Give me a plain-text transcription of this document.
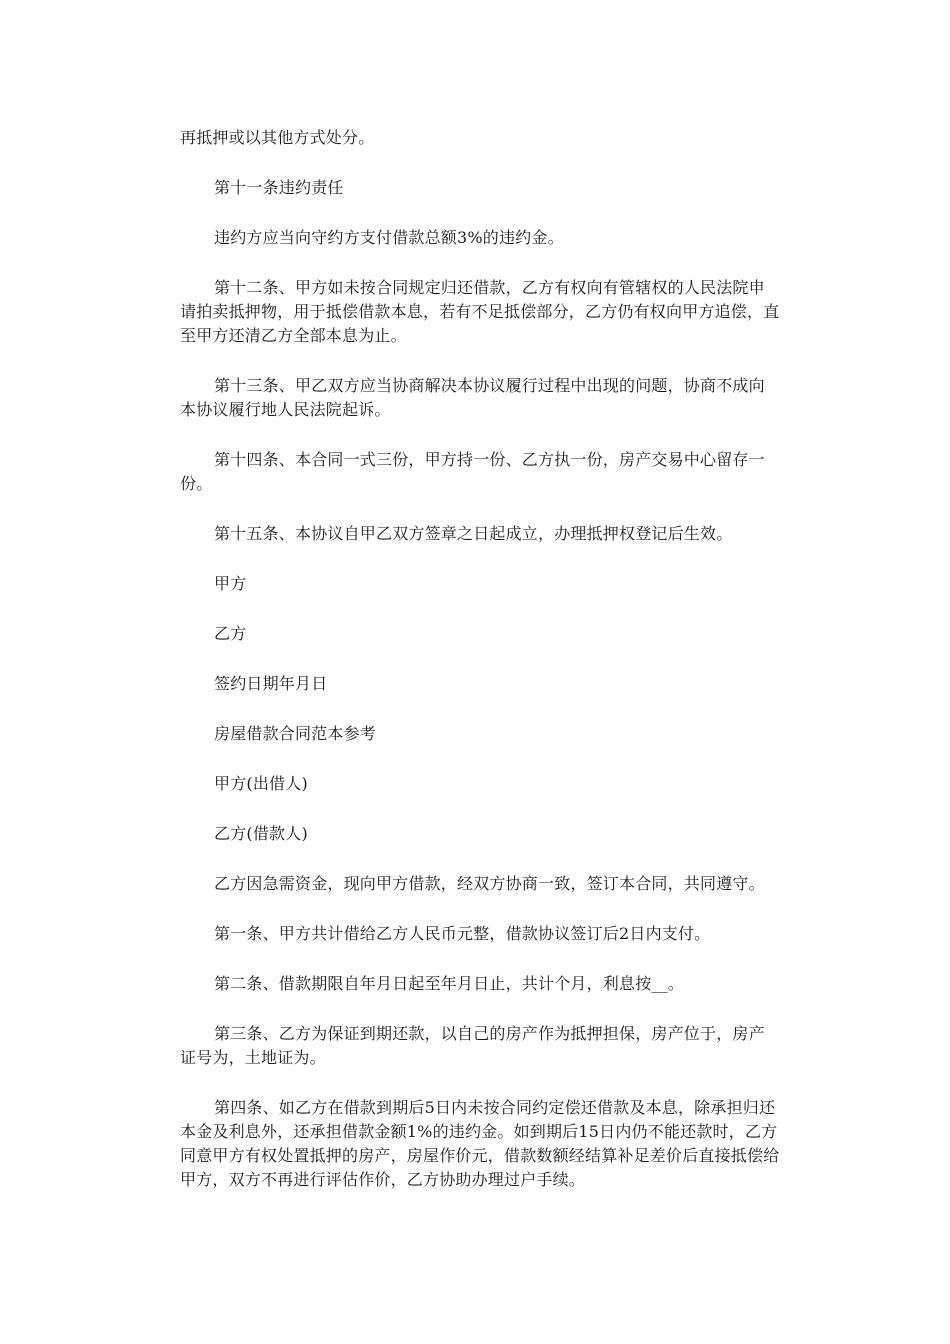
再抵押或以其他方式处分。

第十一条违约责任

违约方应当向守约方支付借款总额3%的违约金。

第十二条、甲方如未按合同规定归还借款，乙方有权向有管辖权的人民法院申请拍卖抵押物，用于抵偿借款本息，若有不足抵偿部分，乙方仍有权向甲方追偿，直至甲方还清乙方全部本息为止。

第十三条、甲乙双方应当协商解决本协议履行过程中出现的问题，协商不成向本协议履行地人民法院起诉。

第十四条、本合同一式三份，甲方持一份、乙方执一份，房产交易中心留存一份。

第十五条、本协议自甲乙双方签章之日起成立，办理抵押权登记后生效。

甲方

乙方

签约日期年月日

房屋借款合同范本参考

甲方(出借人)

乙方(借款人)

乙方因急需资金，现向甲方借款，经双方协商一致，签订本合同，共同遵守。

第一条、甲方共计借给乙方人民币元整，借款协议签订后2日内支付。

第二条、借款期限自年月日起至年月日止，共计个月，利息按__。

第三条、乙方为保证到期还款，以自己的房产作为抵押担保，房产位于，房产证号为，土地证为。

第四条、如乙方在借款到期后5日内未按合同约定偿还借款及本息，除承担归还本金及利息外，还承担借款金额1%的违约金。如到期后15日内仍不能还款时，乙方同意甲方有权处置抵押的房产，房屋作价元，借款数额经结算补足差价后直接抵偿给甲方，双方不再进行评估作价，乙方协助办理过户手续。
